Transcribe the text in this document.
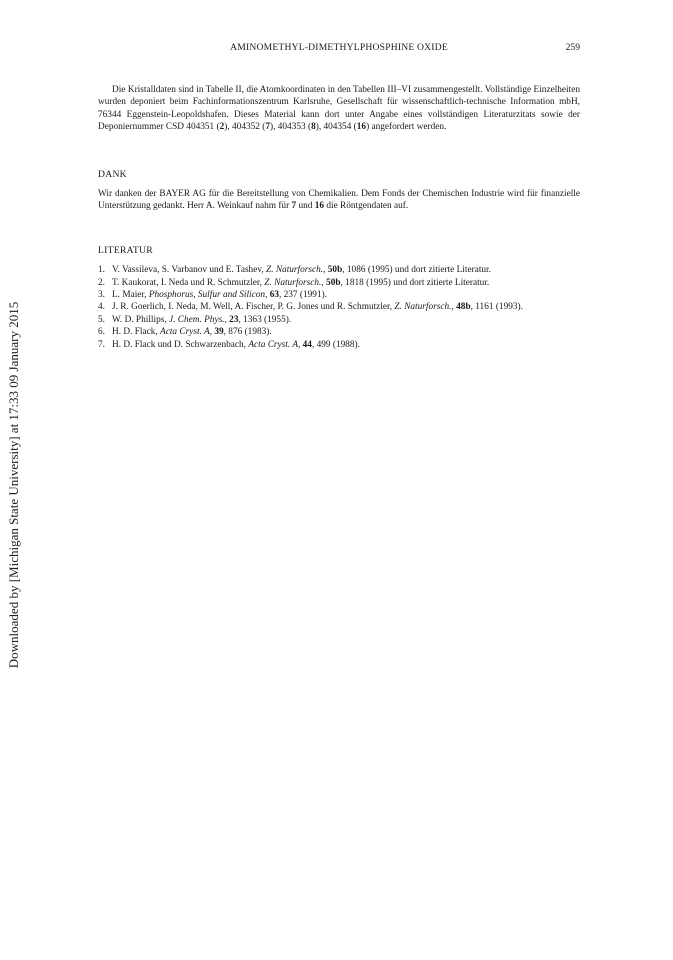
Downloaded by [Michigan State University] at 17:33 09 January 2015
AMINOMETHYL-DIMETHYLPHOSPHINE OXIDE	259

Die Kristalldaten sind in Tabelle II, die Atomkoordinaten in den Tabellen III–VI zusammengestellt. Vollständige Einzelheiten wurden deponiert beim Fachinformationszentrum Karlsruhe, Gesellschaft für wissenschaftlich-technische Information mbH, 76344 Eggenstein-Leopoldshafen. Dieses Material kann dort unter Angabe eines vollständigen Literaturzitats sowie der Deponiernummer CSD 404351 (2), 404352 (7), 404353 (8), 404354 (16) angefordert werden.

DANK

Wir danken der BAYER AG für die Bereitstellung von Chemikalien. Dem Fonds der Chemischen Industrie wird für finanzielle Unterstützung gedankt. Herr A. Weinkauf nahm für 7 und 16 die Röntgendaten auf.

LITERATUR

1. V. Vassileva, S. Varbanov und E. Tashev, Z. Naturforsch., 50b, 1086 (1995) und dort zitierte Literatur.
2. T. Kaukorat, I. Neda und R. Schmutzler, Z. Naturforsch., 50b, 1818 (1995) und dort zitierte Literatur.
3. L. Maier, Phosphorus, Sulfur and Silicon, 63, 237 (1991).
4. J. R. Goerlich, I. Neda, M. Well, A. Fischer, P. G. Jones und R. Schmutzler, Z. Naturforsch., 48b, 1161 (1993).
5. W. D. Phillips, J. Chem. Phys., 23, 1363 (1955).
6. H. D. Flack, Acta Cryst. A, 39, 876 (1983).
7. H. D. Flack und D. Schwarzenbach, Acta Cryst. A, 44, 499 (1988).
